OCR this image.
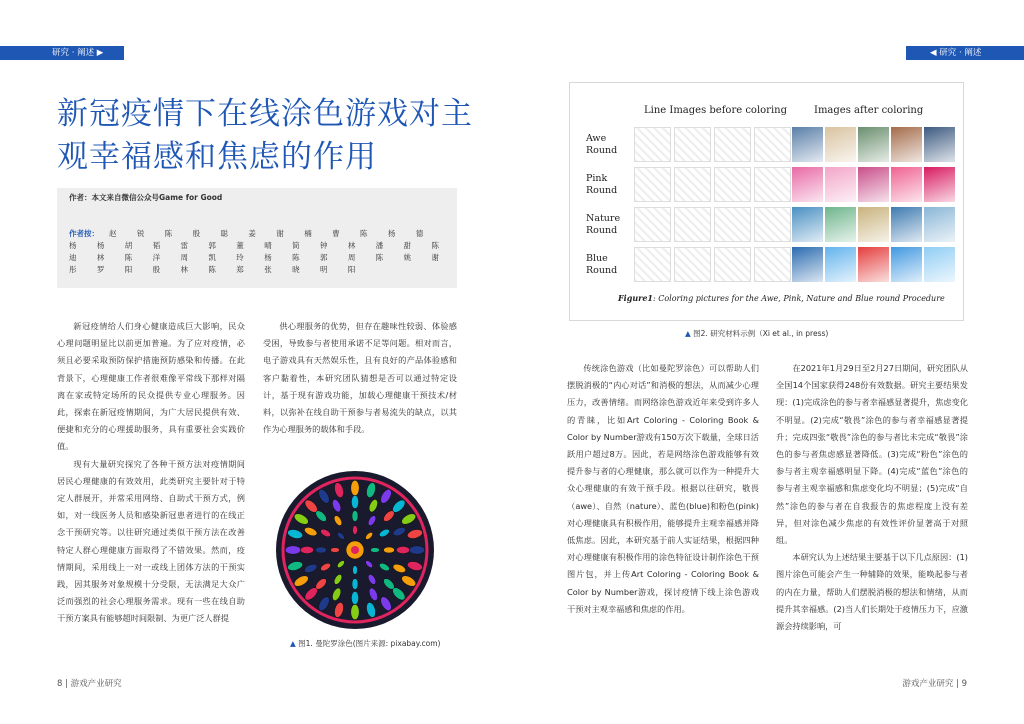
研究 · 阐述 ▶
新冠疫情下在线涂色游戏对主观幸福感和焦虑的作用
作者：本文来自微信公众号Game for Good
作者按：	赵 锐 陈 殷 聪 姜 谢 楠 曹 陈 杨 德 杨 杨 胡 韬 雷 郭 董 晴 简 钟 林 潘 甜 陈 迪 林 陈 洋 周 凯 玲 杨 陈 郭 周 陈 姚 谢 彤 罗 阳 殷 林 陈 郑 张 晓 明 阳

新冠疫情给人们身心健康造成巨大影响，民众心理问题明显比以前更加普遍。为了应对疫情，必须且必要采取预防保护措施预防感染和传播。在此背景下，心理健康工作者很难像平常线下那样对隔离在家或特定场所的民众提供专业心理服务。因此，探索在新冠疫情期间，为广大居民提供有效、便捷和充分的心理援助服务，具有重要社会实践价值。

现有大量研究探究了各种干预方法对疫情期间居民心理健康的有效效用，此类研究主要针对于特定人群展开，并常采用网络、自助式干预方式，例如，对一线医务人员和感染新冠患者进行的在线正念干预研究等。以往研究通过类似干预方法在改善特定人群心理健康方面取得了不错效果。然而，疫情期间，采用线上一对一或线上团体方法的干预实践，因其服务对象规模十分受限，无法满足大众广泛而强烈的社会心理服务需求。现有一些在线自助干预方案具有能够超时间限制、为更广泛人群提

供心理服务的优势，但存在趣味性较弱、体验感受困，导致参与者使用承诺不足等问题。相对而言，电子游戏具有天然娱乐性，且有良好的产品体验感和客户黏着性，本研究团队猜想是否可以通过特定设计，基于现有游戏功能，加载心理健康干预技术/材料，以弥补在线自助干预参与者易流失的缺点，以其作为心理服务的载体和手段。

▲ 图1. 曼陀罗涂色(图片来源: pixabay.com)
8 | 游戏产业研究
◀ 研究 · 阐述
游戏产业研究 | 9
Line Images before coloring	Images after coloring
Figure1: Coloring pictures for the Awe, Pink, Nature and Blue round Procedure
Awe
Round
Pink
Round
Nature
Round
Blue
Round
▲ 图2. 研究材料示例（Xi et al., in press)

传统涂色游戏（比如曼陀罗涂色）可以帮助人们摆脱消极的“内心对话”和消极的想法，从而减少心理压力，改善情绪。而网络涂色游戏近年来受到许多人的青睐，比如Art Coloring - Coloring Book & Color by Number游戏有150万次下载量，全球日活跃用户超过8万。因此，若是网络涂色游戏能够有效提升参与者的心理健康，那么就可以作为一种提升大众心理健康的有效干预手段。根据以往研究，敬畏（awe）、自然（nature）、蓝色(blue)和粉色(pink)对心理健康具有积极作用，能够提升主观幸福感并降低焦虑。因此，本研究基于前人实证结果，根据四种对心理健康有积极作用的涂色特征设计制作涂色干预图片包，并上传Art Coloring - Coloring Book & Color by Number游戏，探讨疫情下线上涂色游戏干预对主观幸福感和焦虑的作用。

在2021年1月29日至2月27日期间，研究团队从全国14个国家获得248份有效数据。研究主要结果发现：(1)完成涂色的参与者幸福感显著提升，焦虑变化不明显。(2)完成“敬畏”涂色的参与者幸福感显著提升；完成四张“敬畏”涂色的参与者比未完成“敬畏”涂色的参与者焦虑感显著降低。(3)完成“粉色”涂色的参与者主观幸福感明显下降。(4)完成“蓝色”涂色的参与者主观幸福感和焦虑变化均不明显；(5)完成“自然”涂色的参与者在自我报告的焦虑程度上没有差异，但对涂色减少焦虑的有效性评价显著高于对照组。

本研究认为上述结果主要基于以下几点原因：(1)图片涂色可能会产生一种辅降的效果，能唤起参与者的内在力量，帮助人们摆脱消极的想法和情绪，从而提升其幸福感。(2)当人们长期处于疫情压力下，应激源会持续影响，可
